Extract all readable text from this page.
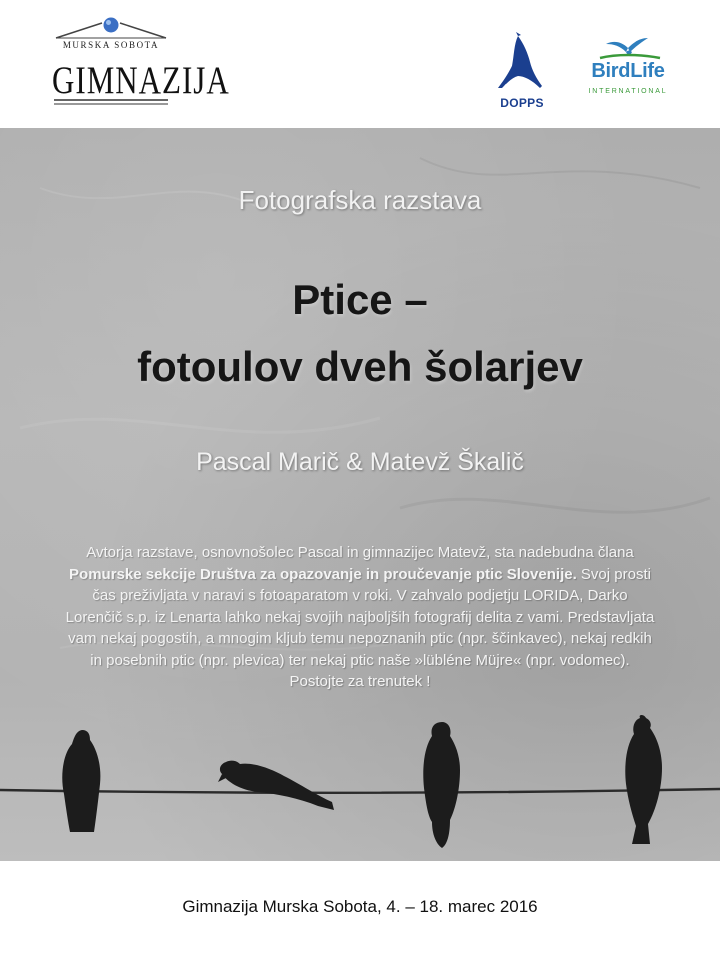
MURSKA SOBOTA
GIMNAZIJA
DOPPS
BirdLife
INTERNATIONAL
Fotografska razstava
Ptice –
fotoulov dveh šolarjev
Pascal Marič & Matevž Škalič
Avtorja razstave, osnovnošolec Pascal in gimnazijec Matevž, sta nadebudna člana Pomurske sekcije Društva za opazovanje in proučevanje ptic Slovenije. Svoj prosti čas preživljata v naravi s fotoaparatom v roki. V zahvalo podjetju LORIDA, Darko Lorenčič s.p. iz Lenarta lahko nekaj svojih najboljših fotografij delita z vami. Predstavljata vam nekaj pogostih, a mnogim kljub temu nepoznanih ptic (npr. ščinkavec), nekaj redkih in posebnih ptic (npr. plevica) ter nekaj ptic naše »lübléne Müjre« (npr. vodomec). Postojte za trenutek !
Gimnazija Murska Sobota, 4. – 18. marec 2016
